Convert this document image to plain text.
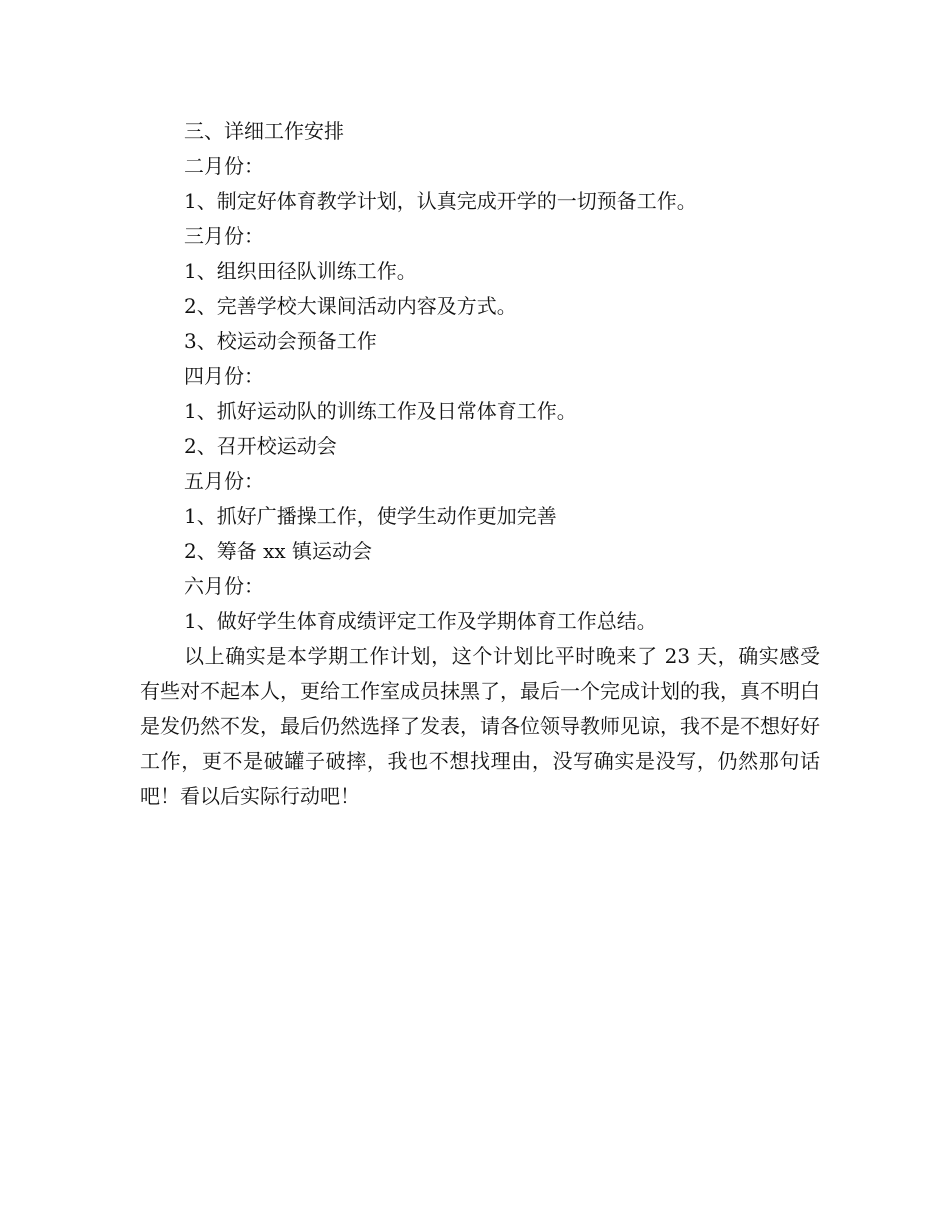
三、详细工作安排

二月份：

1、制定好体育教学计划，认真完成开学的一切预备工作。

三月份：

1、组织田径队训练工作。

2、完善学校大课间活动内容及方式。

3、校运动会预备工作

四月份：

1、抓好运动队的训练工作及日常体育工作。

2、召开校运动会

五月份：

1、抓好广播操工作，使学生动作更加完善

2、筹备 xx 镇运动会

六月份：

1、做好学生体育成绩评定工作及学期体育工作总结。

以上确实是本学期工作计划，这个计划比平时晚来了 23 天，确实感受有些对不起本人，更给工作室成员抹黑了，最后一个完成计划的我，真不明白是发仍然不发，最后仍然选择了发表，请各位领导教师见谅，我不是不想好好工作，更不是破罐子破摔，我也不想找理由，没写确实是没写，仍然那句话吧！看以后实际行动吧！
